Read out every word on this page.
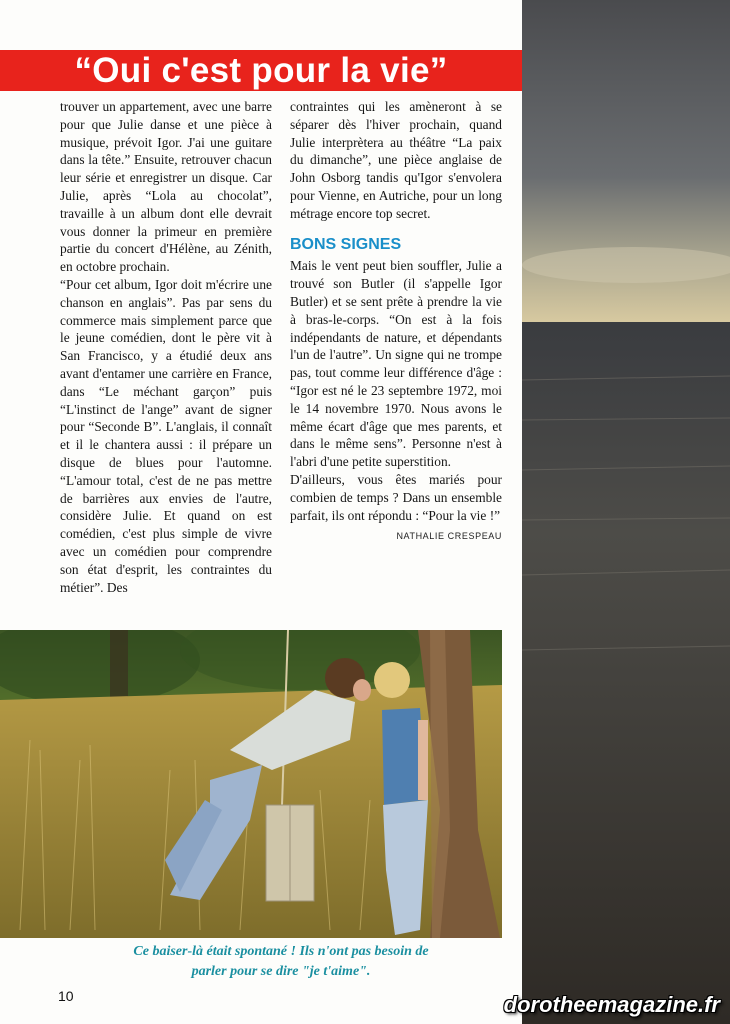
“Oui c'est pour la vie”

trouver un appartement, avec une barre pour que Julie danse et une pièce à musique, prévoit Igor. J'ai une guitare dans la tête.” Ensuite, retrouver chacun leur série et enregistrer un disque. Car Julie, après “Lola au chocolat”, travaille à un album dont elle devrait vous donner la primeur en première partie du concert d'Hélène, au Zénith, en octobre prochain.

“Pour cet album, Igor doit m'écrire une chanson en anglais”. Pas par sens du commerce mais simplement parce que le jeune comédien, dont le père vit à San Francisco, y a étudié deux ans avant d'entamer une carrière en France, dans “Le méchant garçon” puis “L'instinct de l'ange” avant de signer pour “Seconde B”. L'anglais, il connaît et il le chantera aussi : il prépare un disque de blues pour l'automne. “L'amour total, c'est de ne pas mettre de barrières aux envies de l'autre, considère Julie. Et quand on est comédien, c'est plus simple de vivre avec un comédien pour comprendre son état d'esprit, les contraintes du métier”. Des

contraintes qui les amèneront à se séparer dès l'hiver prochain, quand Julie interprètera au théâtre “La paix du dimanche”, une pièce anglaise de John Osborg tandis qu'Igor s'envolera pour Vienne, en Autriche, pour un long métrage encore top secret.

BONS SIGNES

Mais le vent peut bien souffler, Julie a trouvé son Butler (il s'appelle Igor Butler) et se sent prête à prendre la vie à bras-le-corps. “On est à la fois indépendants de nature, et dépendants l'un de l'autre”. Un signe qui ne trompe pas, tout comme leur différence d'âge : “Igor est né le 23 septembre 1972, moi le 14 novembre 1970. Nous avons le même écart d'âge que mes parents, et dans le même sens”. Personne n'est à l'abri d'une petite superstition.

D'ailleurs, vous êtes mariés pour combien de temps ? Dans un ensemble parfait, ils ont répondu : “Pour la vie !”

NATHALIE CRESPEAU
Ce baiser-là était spontané ! Ils n'ont pas besoin de
parler pour se dire "je t'aime".
10	dorotheemagazine.fr
